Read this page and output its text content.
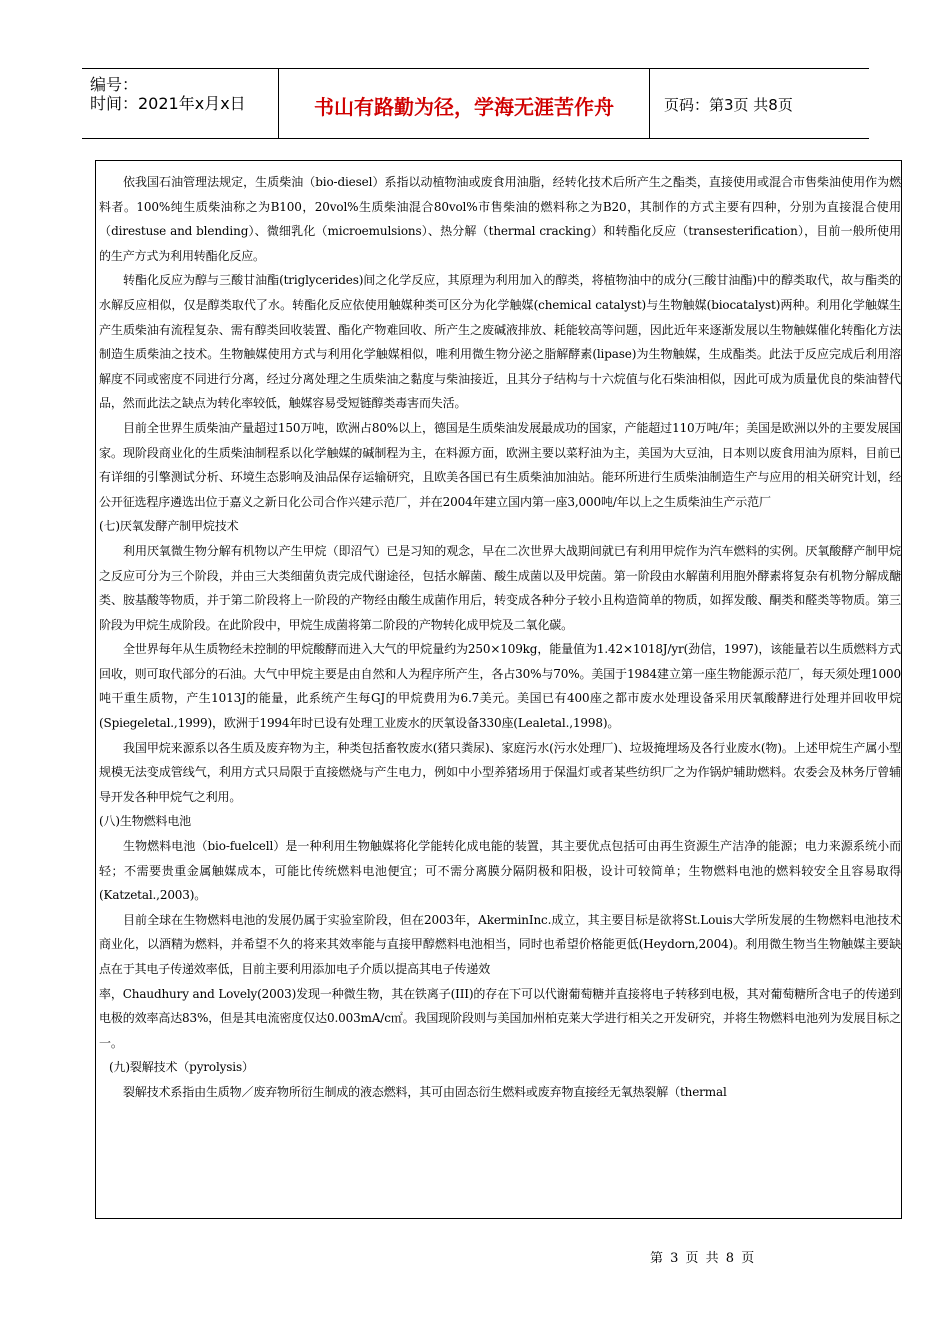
编号：
时间：2021年x月x日	书山有路勤为径，学海无涯苦作舟	页码：第3页 共8页

依我国石油管理法规定，生质柴油（bio-diesel）系指以动植物油或废食用油脂，经转化技术后所产生之酯类，直接使用或混合市售柴油使用作为燃料者。100%纯生质柴油称之为B100，20vol%生质柴油混合80vol%市售柴油的燃料称之为B20，其制作的方式主要有四种，分别为直接混合使用（direstuse and blending）、微细乳化（microemulsions）、热分解（thermal cracking）和转酯化反应（transesterification），目前一般所使用的生产方式为利用转酯化反应。

转酯化反应为醇与三酸甘油酯(triglycerides)间之化学反应，其原理为利用加入的醇类，将植物油中的成分(三酸甘油酯)中的醇类取代，故与酯类的水解反应相似，仅是醇类取代了水。转酯化反应依使用触媒种类可区分为化学触媒(chemical catalyst)与生物触媒(biocatalyst)两种。利用化学触媒生产生质柴油有流程复杂、需有醇类回收装置、酯化产物难回收、所产生之废碱液排放、耗能较高等问题，因此近年来逐渐发展以生物触媒催化转酯化方法制造生质柴油之技术。生物触媒使用方式与利用化学触媒相似，唯利用微生物分泌之脂解酵素(lipase)为生物触媒，生成酯类。此法于反应完成后利用溶解度不同或密度不同进行分离，经过分离处理之生质柴油之黏度与柴油接近，且其分子结构与十六烷值与化石柴油相似，因此可成为质量优良的柴油替代品，然而此法之缺点为转化率较低，触媒容易受短链醇类毒害而失活。

目前全世界生质柴油产量超过150万吨，欧洲占80%以上，德国是生质柴油发展最成功的国家，产能超过110万吨/年；美国是欧洲以外的主要发展国家。现阶段商业化的生质柴油制程系以化学触媒的碱制程为主，在料源方面，欧洲主要以菜籽油为主，美国为大豆油，日本则以废食用油为原料，目前已有详细的引擎测试分析、环境生态影响及油品保存运输研究，且欧美各国已有生质柴油加油站。能环所进行生质柴油制造生产与应用的相关研究计划，经公开征选程序遴选出位于嘉义之新日化公司合作兴建示范厂，并在2004年建立国内第一座3,000吨/年以上之生质柴油生产示范厂

(七)厌氧发酵产制甲烷技术

利用厌氧微生物分解有机物以产生甲烷（即沼气）已是习知的观念，早在二次世界大战期间就已有利用甲烷作为汽车燃料的实例。厌氧酸酵产制甲烷之反应可分为三个阶段，并由三大类细菌负责完成代谢途径，包括水解菌、酸生成菌以及甲烷菌。第一阶段由水解菌利用胞外酵素将复杂有机物分解成醣类、胺基酸等物质，并于第二阶段将上一阶段的产物经由酸生成菌作用后，转变成各种分子较小且构造简单的物质，如挥发酸、酮类和醛类等物质。第三阶段为甲烷生成阶段。在此阶段中，甲烷生成菌将第二阶段的产物转化成甲烷及二氧化碳。

全世界每年从生质物经未控制的甲烷酸酵而进入大气的甲烷量约为250×109kg，能量值为1.42×1018J/yr(劲信，1997)，该能量若以生质燃料方式回收，则可取代部分的石油。大气中甲烷主要是由自然和人为程序所产生，各占30%与70%。美国于1984建立第一座生物能源示范厂，每天须处理1000吨干重生质物，产生1013J的能量，此系统产生每GJ的甲烷费用为6.7美元。美国已有400座之都市废水处理设备采用厌氧酸酵进行处理并回收甲烷(Spiegeletal.,1999)，欧洲于1994年时已设有处理工业废水的厌氧设备330座(Lealetal.,1998)。

我国甲烷来源系以各生质及废弃物为主，种类包括畜牧废水(猪只粪尿)、家庭污水(污水处理厂)、垃圾掩埋场及各行业废水(物)。上述甲烷生产属小型规模无法变成管线气，利用方式只局限于直接燃烧与产生电力，例如中小型养猪场用于保温灯或者某些纺织厂之为作锅炉辅助燃料。农委会及林务厅曾辅导开发各种甲烷气之利用。

(八)生物燃料电池

生物燃料电池（bio-fuelcell）是一种利用生物触媒将化学能转化成电能的装置，其主要优点包括可由再生资源生产洁净的能源；电力来源系统小而轻；不需要贵重金属触媒成本，可能比传统燃料电池便宜；可不需分离膜分隔阴极和阳极，设计可较简单；生物燃料电池的燃料较安全且容易取得(Katzetal.,2003)。

目前全球在生物燃料电池的发展仍属于实验室阶段，但在2003年，AkerminInc.成立，其主要目标是欲将St.Louis大学所发展的生物燃料电池技术商业化，以酒精为燃料，并希望不久的将来其效率能与直接甲醇燃料电池相当，同时也希望价格能更低(Heydorn,2004)。利用微生物当生物触媒主要缺点在于其电子传递效率低，目前主要利用添加电子介质以提高其电子传递效

率，Chaudhury and Lovely(2003)发现一种微生物，其在铁离子(III)的存在下可以代谢葡萄糖并直接将电子转移到电极，其对葡萄糖所含电子的传递到电极的效率高达83%，但是其电流密度仅达0.003mA/c㎡。我国现阶段则与美国加州柏克莱大学进行相关之开发研究，并将生物燃料电池列为发展目标之一。

(九)裂解技术（pyrolysis）

裂解技术系指由生质物／废弃物所衍生制成的液态燃料，其可由固态衍生燃料或废弃物直接经无氧热裂解（thermal

第 3 页 共 8 页
